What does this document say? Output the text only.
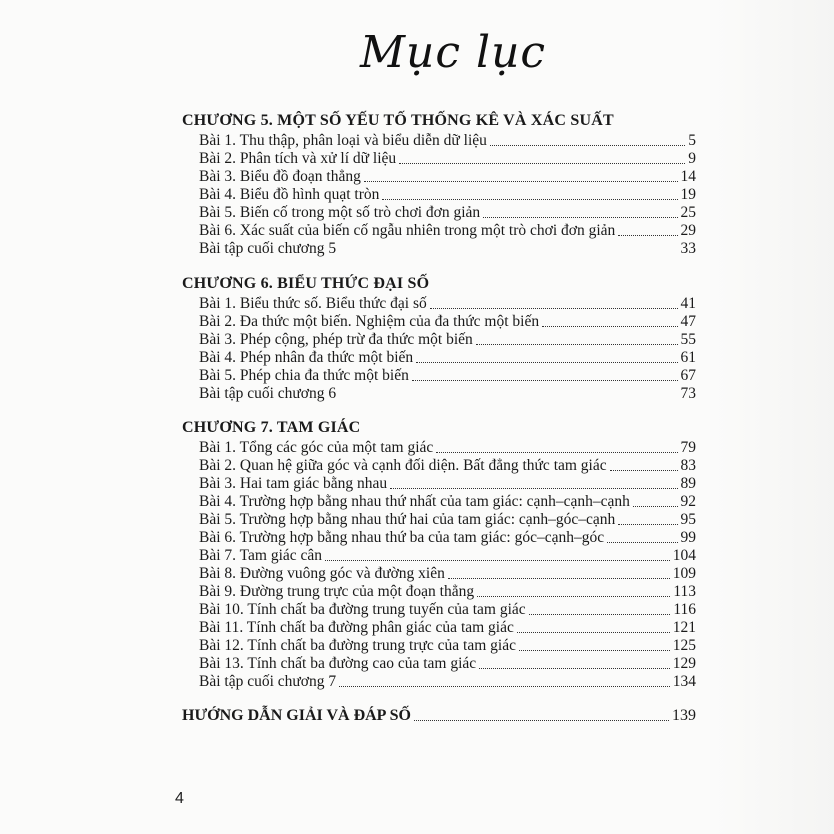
Mục lục
CHƯƠNG 5. MỘT SỐ YẾU TỐ THỐNG KÊ VÀ XÁC SUẤT
Bài 1. Thu thập, phân loại và biểu diễn dữ liệu	5
Bài 2. Phân tích và xử lí dữ liệu	9
Bài 3. Biểu đồ đoạn thẳng	14
Bài 4. Biểu đồ hình quạt tròn	19
Bài 5. Biến cố trong một số trò chơi đơn giản	25
Bài 6. Xác suất của biến cố ngẫu nhiên trong một trò chơi đơn giản	29
Bài tập cuối chương 5	33
CHƯƠNG 6. BIỂU THỨC ĐẠI SỐ
Bài 1. Biểu thức số. Biểu thức đại số	41
Bài 2. Đa thức một biến. Nghiệm của đa thức một biến	47
Bài 3. Phép cộng, phép trừ đa thức một biến	55
Bài 4. Phép nhân đa thức một biến	61
Bài 5. Phép chia đa thức một biến	67
Bài tập cuối chương 6	73
CHƯƠNG 7. TAM GIÁC
Bài 1. Tổng các góc của một tam giác	79
Bài 2. Quan hệ giữa góc và cạnh đối diện. Bất đẳng thức tam giác	83
Bài 3. Hai tam giác bằng nhau	89
Bài 4. Trường hợp bằng nhau thứ nhất của tam giác: cạnh–cạnh–cạnh	92
Bài 5. Trường hợp bằng nhau thứ hai của tam giác: cạnh–góc–cạnh	95
Bài 6. Trường hợp bằng nhau thứ ba của tam giác: góc–cạnh–góc	99
Bài 7. Tam giác cân	104
Bài 8. Đường vuông góc và đường xiên	109
Bài 9. Đường trung trực của một đoạn thẳng	113
Bài 10. Tính chất ba đường trung tuyến của tam giác	116
Bài 11. Tính chất ba đường phân giác của tam giác	121
Bài 12. Tính chất ba đường trung trực của tam giác	125
Bài 13. Tính chất ba đường cao của tam giác	129
Bài tập cuối chương 7	134
HƯỚNG DẪN GIẢI VÀ ĐÁP SỐ	139
4
